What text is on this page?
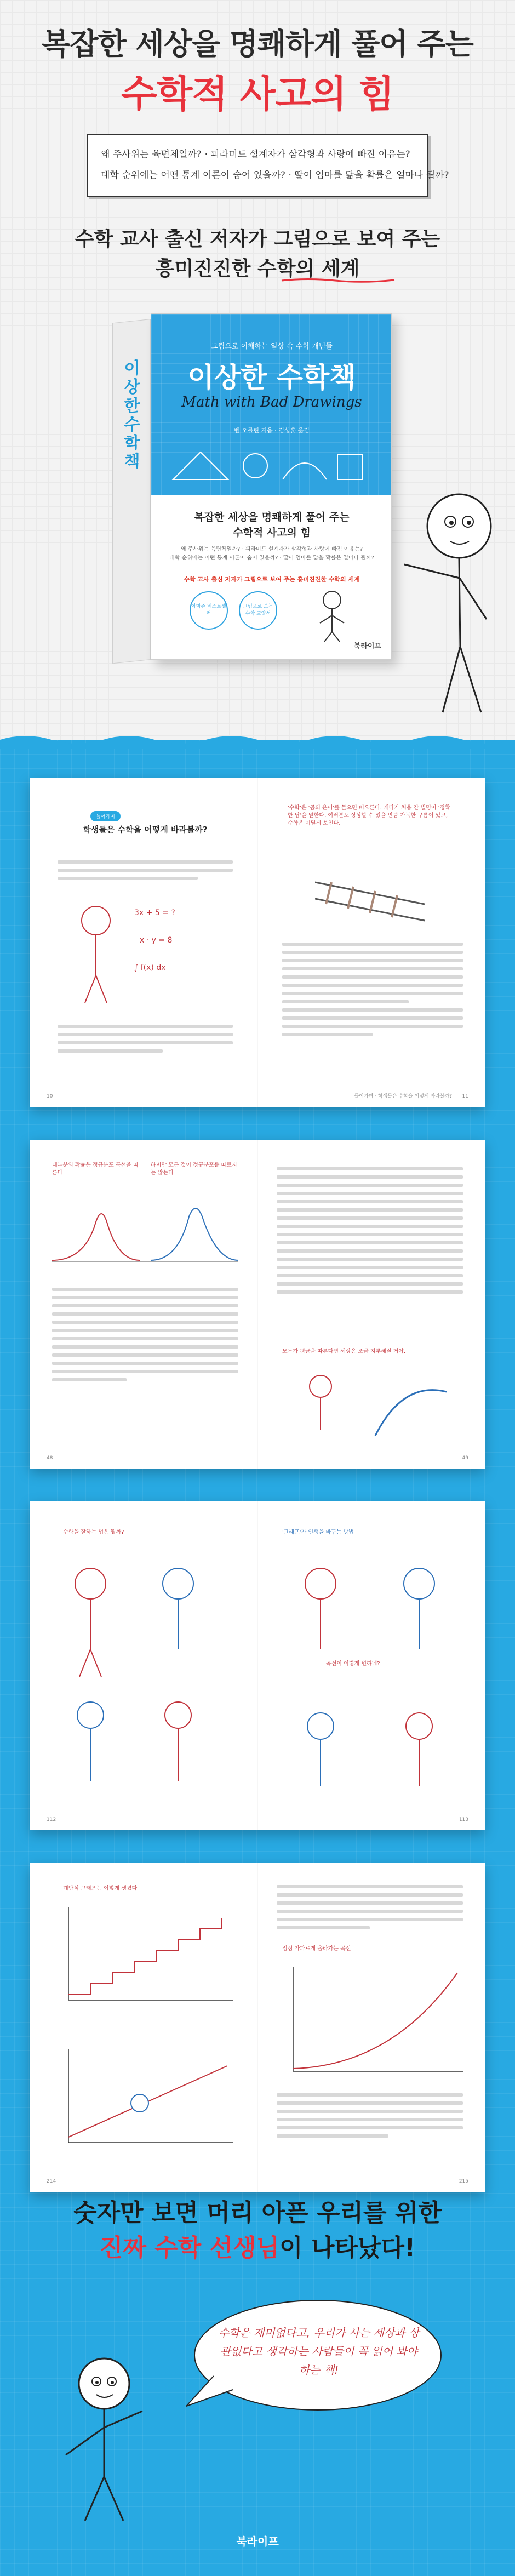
복잡한 세상을 명쾌하게 풀어 주는
수학적 사고의 힘
왜 주사위는 육면체일까? · 피라미드 설계자가 삼각형과 사랑에 빠진 이유는?
대학 순위에는 어떤 통계 이론이 숨어 있을까? · 딸이 엄마를 닮을 확률은 얼마나 될까?
수학 교사 출신 저자가 그림으로 보여 주는
흥미진진한 수학의 세계
이상한수학책
그림으로 이해하는 일상 속 수학 개념들
이상한 수학책
Math with Bad Drawings
벤 오를린 지음 · 김성훈 옮김
복잡한 세상을 명쾌하게 풀어 주는
수학적 사고의 힘
왜 주사위는 육면체일까? · 피라미드 설계자가 삼각형과 사랑에 빠진 이유는?
대학 순위에는 어떤 통계 이론이 숨어 있을까? · 딸이 엄마를 닮을 확률은 얼마나 될까?
수학 교사 출신 저자가 그림으로 보여 주는 흥미진진한 수학의 세계
아마존 베스트셀러
그림으로 보는 수학 교양서
북라이프
들어가며
학생들은 수학을 어떻게 바라볼까?
3x + 5 = ?
x · y = 8
∫ f(x) dx
'수학'은 '곰의 은어'를 들으면 떠오른다. 게다가 처음 간 별명이 '정확한 답'을 말한다. 여러분도 상상할 수 있을 만큼 가득한 구름이 있고, 수학은 이렇게 보인다.
10	들어가며 · 학생들은 수학을 어떻게 바라볼까? 11
대부분의 확률은 정규분포 곡선을 따른다
하지만 모든 것이 정규분포를 따르지는 않는다
모두가 평균을 따른다면 세상은 조금 지루해질 거야.
48	49
수학을 잘하는 법은 뭘까?	'그래프'가 인생을 바꾸는 방법
곡선이 이렇게 변하네?
112	113
계단식 그래프는 이렇게 생겼다
점점 가파르게 올라가는 곡선
214	215
숫자만 보면 머리 아픈 우리를 위한
진짜 수학 선생님이 나타났다!
수학은 재미없다고, 우리가 사는 세상과 상관없다고 생각하는 사람들이 꼭 읽어 봐야 하는 책!
북라이프
